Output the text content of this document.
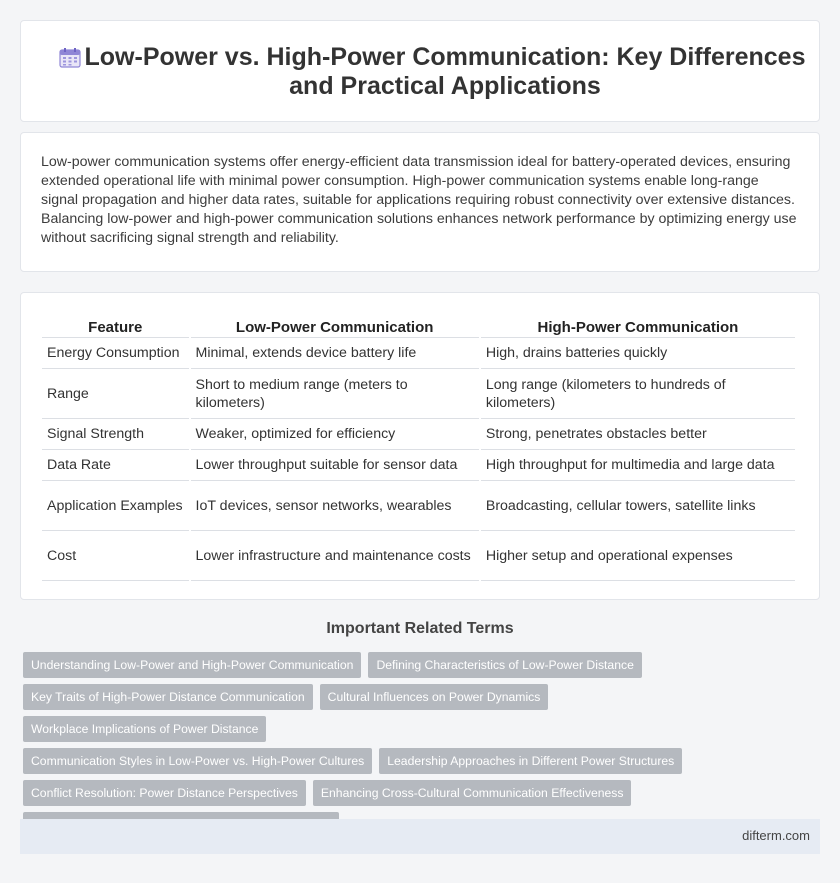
Low-Power vs. High-Power Communication: Key Differences and Practical Applications

Low-power communication systems offer energy-efficient data transmission ideal for battery-operated devices, ensuring extended operational life with minimal power consumption. High-power communication systems enable long-range signal propagation and higher data rates, suitable for applications requiring robust connectivity over extensive distances. Balancing low-power and high-power communication solutions enhances network performance by optimizing energy use without sacrificing signal strength and reliability.

Feature	Low-Power Communication	High-Power Communication
Energy Consumption	Minimal, extends device battery life	High, drains batteries quickly
Range	Short to medium range (meters to kilometers)	Long range (kilometers to hundreds of kilometers)
Signal Strength	Weaker, optimized for efficiency	Strong, penetrates obstacles better
Data Rate	Lower throughput suitable for sensor data	High throughput for multimedia and large data
Application Examples	IoT devices, sensor networks, wearables	Broadcasting, cellular towers, satellite links
Cost	Lower infrastructure and maintenance costs	Higher setup and operational expenses
Important Related Terms
Understanding Low-Power and High-Power Communication	Defining Characteristics of Low-Power Distance
Key Traits of High-Power Distance Communication	Cultural Influences on Power Dynamics
Workplace Implications of Power Distance
Communication Styles in Low-Power vs. High-Power Cultures	Leadership Approaches in Different Power Structures
Conflict Resolution: Power Distance Perspectives	Enhancing Cross-Cultural Communication Effectiveness
difterm.com
